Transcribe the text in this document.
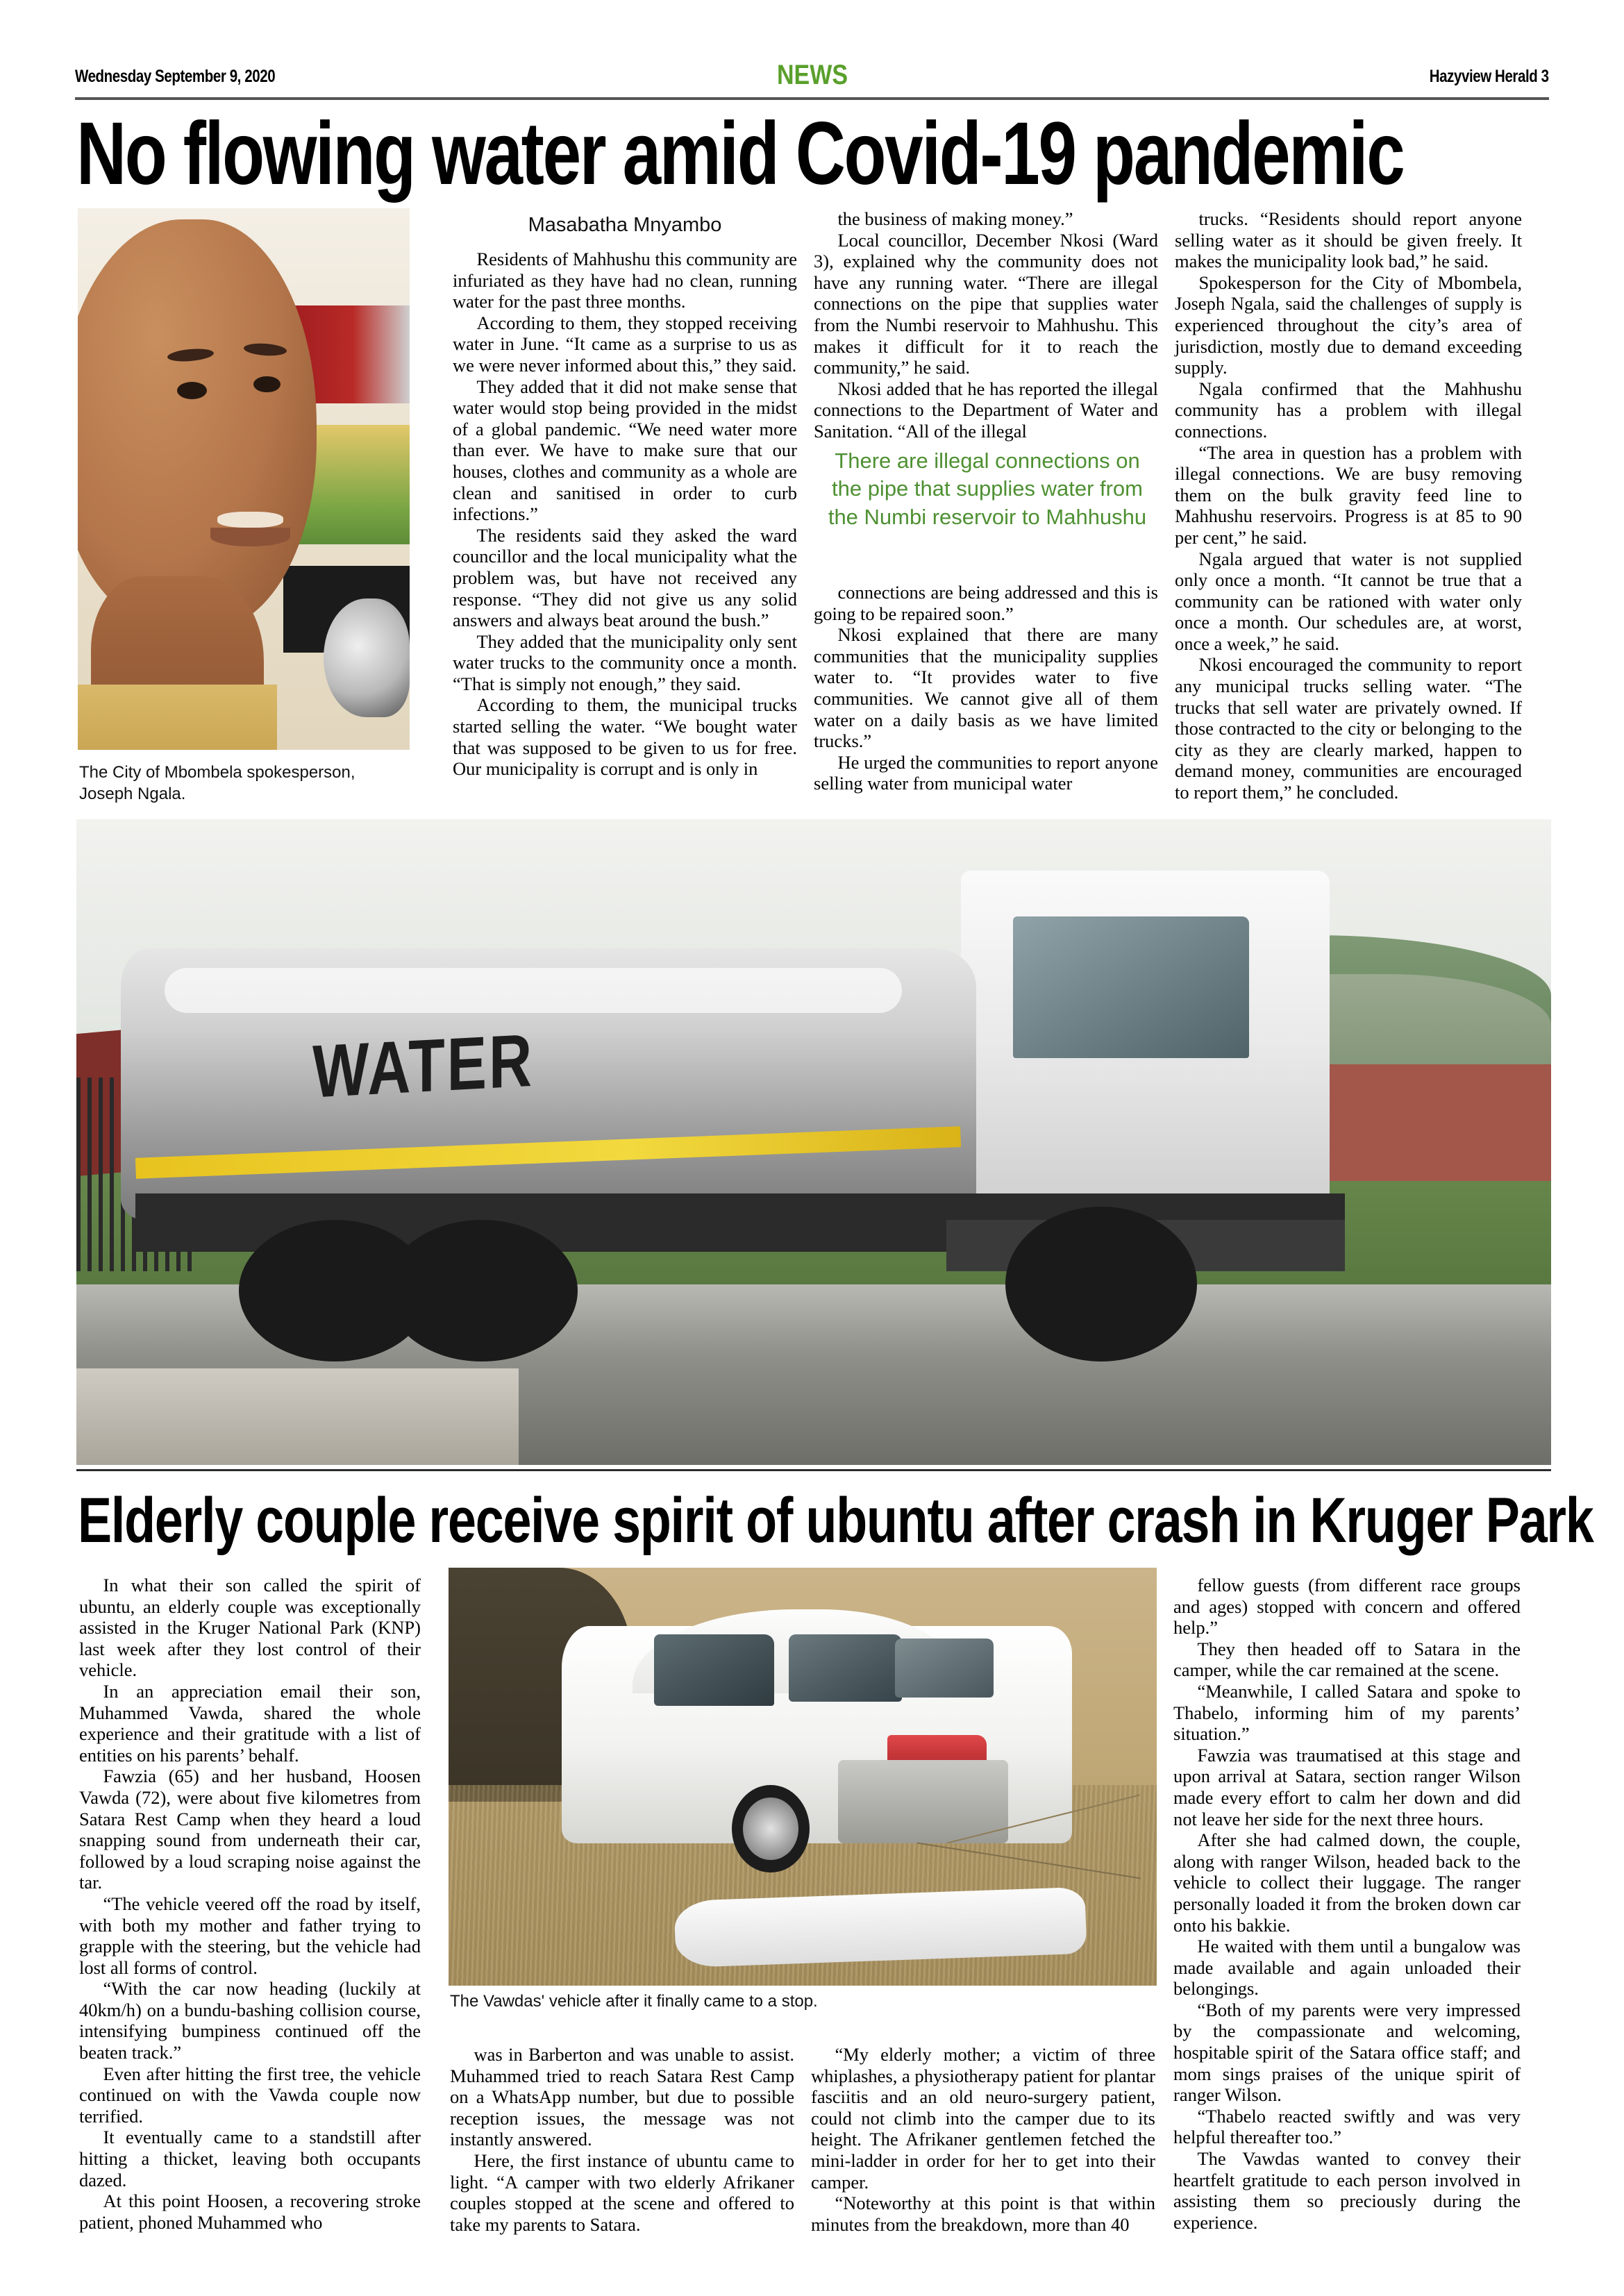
Wednesday September 9, 2020	NEWS	Hazyview Herald 3
No flowing water amid Covid-19 pandemic
The City of Mbombela spokesperson, Joseph Ngala.
Masabatha Mnyambo

Residents of Mahhushu this community are infuriated as they have had no clean, running water for the past three months.

According to them, they stopped receiving water in June. “It came as a surprise to us as we were never informed about this,” they said.

They added that it did not make sense that water would stop being provided in the midst of a global pandemic. “We need water more than ever. We have to make sure that our houses, clothes and community as a whole are clean and sanitised in order to curb infections.”

The residents said they asked the ward councillor and the local municipality what the problem was, but have not received any response. “They did not give us any solid answers and always beat around the bush.”

They added that the municipality only sent water trucks to the community once a month. “That is simply not enough,” they said.

According to them, the municipal trucks started selling the water. “We bought water that was supposed to be given to us for free. Our municipality is corrupt and is only in

the business of making money.”

Local councillor, December Nkosi (Ward 3), explained why the community does not have any running water. “There are illegal connections on the pipe that supplies water from the Numbi reservoir to Mahhushu. This makes it difficult for it to reach the community,” he said.

Nkosi added that he has reported the illegal connections to the Department of Water and Sanitation. “All of the illegal

There are illegal connections on the pipe that supplies water from the Numbi reservoir to Mahhushu

connections are being addressed and this is going to be repaired soon.”

Nkosi explained that there are many communities that the municipality supplies water to. “It provides water to five communities. We cannot give all of them water on a daily basis as we have limited trucks.”

He urged the communities to report anyone selling water from municipal water

trucks. “Residents should report anyone selling water as it should be given freely. It makes the municipality look bad,” he said.

Spokesperson for the City of Mbombela, Joseph Ngala, said the challenges of supply is experienced throughout the city’s area of jurisdiction, mostly due to demand exceeding supply.

Ngala confirmed that the Mahhushu community has a problem with illegal connections.

“The area in question has a problem with illegal connections. We are busy removing them on the bulk gravity feed line to Mahhushu reservoirs. Progress is at 85 to 90 per cent,” he said.

Ngala argued that water is not supplied only once a month. “It cannot be true that a community can be rationed with water only once a month. Our schedules are, at worst, once a week,” he said.

Nkosi encouraged the community to report any municipal trucks selling water. “The trucks that sell water are privately owned. If those contracted to the city or belonging to the city as they are clearly marked, happen to demand money, communities are encouraged to report them,” he concluded.

WATER
Elderly couple receive spirit of ubuntu after crash in Kruger Park

In what their son called the spirit of ubuntu, an elderly couple was exceptionally assisted in the Kruger National Park (KNP) last week after they lost control of their vehicle.

In an appreciation email their son, Muhammed Vawda, shared the whole experience and their gratitude with a list of entities on his parents’ behalf.

Fawzia (65) and her husband, Hoosen Vawda (72), were about five kilometres from Satara Rest Camp when they heard a loud snapping sound from underneath their car, followed by a loud scraping noise against the tar.

“The vehicle veered off the road by itself, with both my mother and father trying to grapple with the steering, but the vehicle had lost all forms of control.

“With the car now heading (luckily at 40km/h) on a bundu-bashing collision course, intensifying bumpiness continued off the beaten track.”

Even after hitting the first tree, the vehicle continued on with the Vawda couple now terrified.

It eventually came to a standstill after hitting a thicket, leaving both occupants dazed.

At this point Hoosen, a recovering stroke patient, phoned Muhammed who

The Vawdas' vehicle after it finally came to a stop.

was in Barberton and was unable to assist. Muhammed tried to reach Satara Rest Camp on a WhatsApp number, but due to possible reception issues, the message was not instantly answered.

Here, the first instance of ubuntu came to light. “A camper with two elderly Afrikaner couples stopped at the scene and offered to take my parents to Satara.

“My elderly mother; a victim of three whiplashes, a physiotherapy patient for plantar fasciitis and an old neuro-surgery patient, could not climb into the camper due to its height. The Afrikaner gentlemen fetched the mini-ladder in order for her to get into their camper.

“Noteworthy at this point is that within minutes from the breakdown, more than 40

fellow guests (from different race groups and ages) stopped with concern and offered help.”

They then headed off to Satara in the camper, while the car remained at the scene.

“Meanwhile, I called Satara and spoke to Thabelo, informing him of my parents’ situation.”

Fawzia was traumatised at this stage and upon arrival at Satara, section ranger Wilson made every effort to calm her down and did not leave her side for the next three hours.

After she had calmed down, the couple, along with ranger Wilson, headed back to the vehicle to collect their luggage. The ranger personally loaded it from the broken down car onto his bakkie.

He waited with them until a bungalow was made available and again unloaded their belongings.

“Both of my parents were very impressed by the compassionate and welcoming, hospitable spirit of the Satara office staff; and mom sings praises of the unique spirit of ranger Wilson.

“Thabelo reacted swiftly and was very helpful thereafter too.”

The Vawdas wanted to convey their heartfelt gratitude to each person involved in assisting them so preciously during the experience.
